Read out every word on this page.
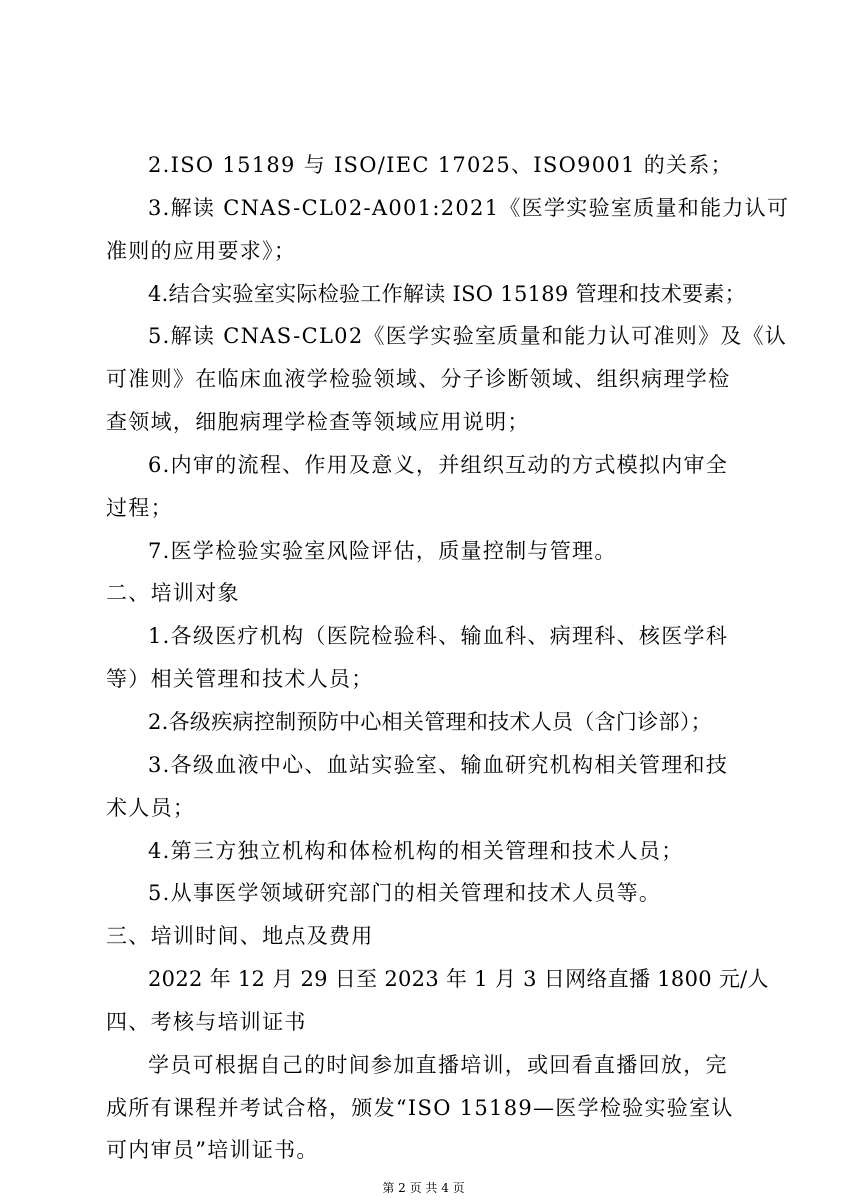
2.ISO 15189 与 ISO/IEC 17025、ISO9001 的关系；

3.解读 CNAS-CL02-A001:2021《医学实验室质量和能力认可

准则的应用要求》；

4.结合实验室实际检验工作解读 ISO 15189 管理和技术要素；

5.解读 CNAS-CL02《医学实验室质量和能力认可准则》及《认

可准则》在临床血液学检验领域、分子诊断领域、组织病理学检

查领域，细胞病理学检查等领域应用说明；

6.内审的流程、作用及意义，并组织互动的方式模拟内审全

过程；

7.医学检验实验室风险评估，质量控制与管理。

二、培训对象

1.各级医疗机构（医院检验科、输血科、病理科、核医学科

等）相关管理和技术人员；

2.各级疾病控制预防中心相关管理和技术人员（含门诊部）；

3.各级血液中心、血站实验室、输血研究机构相关管理和技

术人员；

4.第三方独立机构和体检机构的相关管理和技术人员；

5.从事医学领域研究部门的相关管理和技术人员等。

三、培训时间、地点及费用

2022 年 12 月 29 日至 2023 年 1 月 3 日网络直播 1800 元/人

四、考核与培训证书

学员可根据自己的时间参加直播培训，或回看直播回放，完

成所有课程并考试合格，颁发“ISO 15189—医学检验实验室认

可内审员”培训证书。

第 2 页 共 4 页
